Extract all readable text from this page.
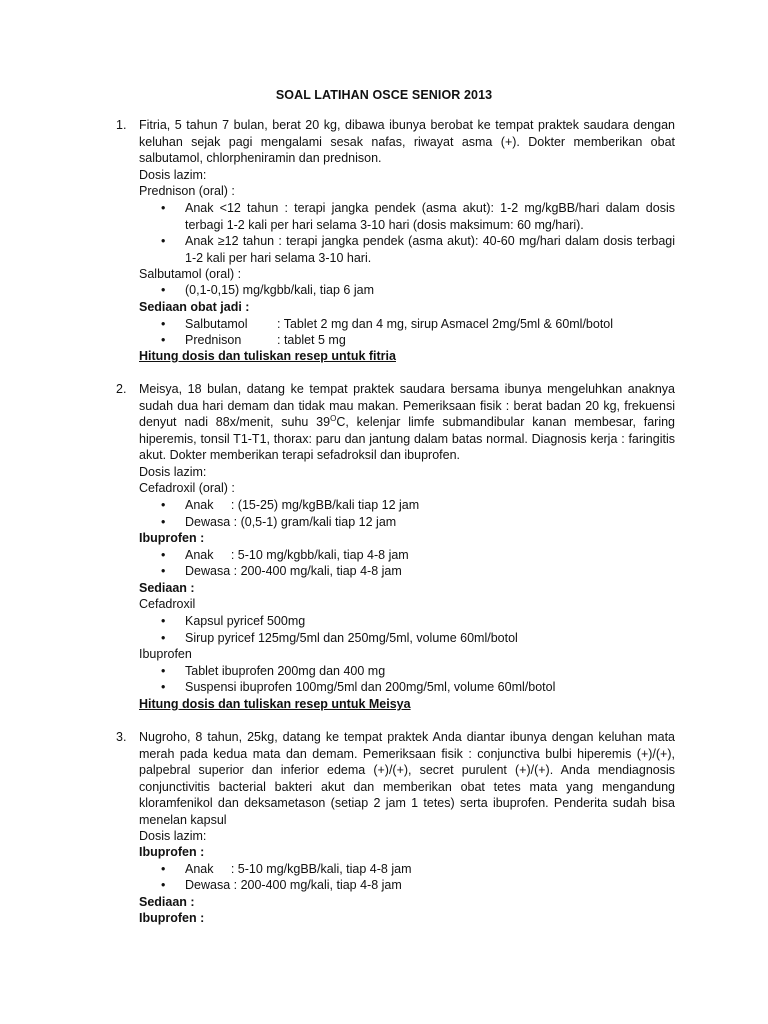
SOAL LATIHAN OSCE SENIOR 2013
1. Fitria, 5 tahun 7 bulan, berat 20 kg, dibawa ibunya berobat ke tempat praktek saudara dengan keluhan sejak pagi mengalami sesak nafas, riwayat asma (+). Dokter memberikan obat salbutamol, chlorpheniramin dan prednison.
Dosis lazim:
Prednison (oral) :
• Anak <12 tahun : terapi jangka pendek (asma akut): 1-2 mg/kgBB/hari dalam dosis terbagi 1-2 kali per hari selama 3-10 hari (dosis maksimum: 60 mg/hari).
• Anak ≥12 tahun : terapi jangka pendek (asma akut): 40-60 mg/hari dalam dosis terbagi 1-2 kali per hari selama 3-10 hari.
Salbutamol (oral) :
• (0,1-0,15) mg/kgbb/kali, tiap 6 jam
Sediaan obat jadi :
• Salbutamol : Tablet 2 mg dan 4 mg, sirup Asmacel 2mg/5ml & 60ml/botol
• Prednison	: tablet 5 mg
Hitung dosis dan tuliskan resep untuk fitria
2. Meisya, 18 bulan, datang ke tempat praktek saudara bersama ibunya mengeluhkan anaknya sudah dua hari demam dan tidak mau makan. Pemeriksaan fisik : berat badan 20 kg, frekuensi denyut nadi 88x/menit, suhu $39^OC$, kelenjar limfe submandibular kanan membesar, faring hiperemis, tonsil T1-T1, thorax: paru dan jantung dalam batas normal. Diagnosis kerja : faringitis akut. Dokter memberikan terapi sefadroksil dan ibuprofen.
Dosis lazim:
Cefadroxil (oral) :
• Anak     : (15-25) mg/kgBB/kali tiap 12 jam
• Dewasa : (0,5-1) gram/kali tiap 12 jam
Ibuprofen :
• Anak     : 5-10 mg/kgbb/kali, tiap 4-8 jam
• Dewasa : 200-400 mg/kali, tiap 4-8 jam
Sediaan :
Cefadroxil
• Kapsul pyricef 500mg
• Sirup pyricef 125mg/5ml dan 250mg/5ml, volume 60ml/botol
Ibuprofen
• Tablet ibuprofen 200mg dan 400 mg
• Suspensi ibuprofen 100mg/5ml dan 200mg/5ml, volume 60ml/botol
Hitung dosis dan tuliskan resep untuk Meisya
3. Nugroho, 8 tahun, 25kg, datang ke tempat praktek Anda diantar ibunya dengan keluhan mata merah pada kedua mata dan demam. Pemeriksaan fisik : conjunctiva bulbi hiperemis (+)/(+), palpebral superior dan inferior edema (+)/(+), secret purulent (+)/(+). Anda mendiagnosis conjunctivitis bacterial bakteri akut dan memberikan obat tetes mata yang mengandung kloramfenikol dan deksametason (setiap 2 jam 1 tetes) serta ibuprofen. Penderita sudah bisa menelan kapsul
Dosis lazim:
Ibuprofen :
• Anak     : 5-10 mg/kgBB/kali, tiap 4-8 jam
• Dewasa : 200-400 mg/kali, tiap 4-8 jam
Sediaan :
Ibuprofen :
